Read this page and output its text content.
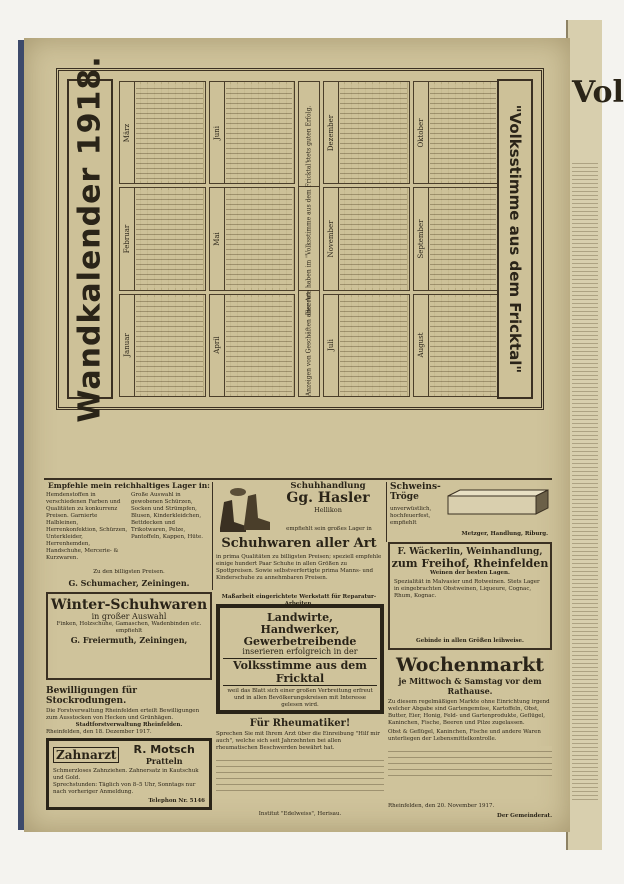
Vol
Wandkalender 1918. März
Februar
Januar
Juni
Mai
April
stets guten Erfolg.
Inserate haben im "Volksstimme aus dem Fricktal"
Anzeigen von Geschäften aller Art
Dezember
November
Juli
Oktober
September
August	"Volksstimme aus dem Fricktal"
Empfehle mein reichhaltiges Lager in:
Hemdenstoffen in verschiedenen Farben und Qualitäten zu konkurrenz Preisen. Garnierte Halbleinen, Herrenkonfektion, Schürzen, Unterkleider, Herrenhemden, Handschuhe, Mercerie- & Kurzwaren.
Große Auswahl in gewobenen Schürzen, Socken und Strümpfen, Blusen, Kinderkleidchen, Bettdecken und Trikotwaren, Pelze, Pantoffeln, Kappen, Hüte.
Zu den billigsten Preisen.
G. Schumacher, Zeiningen.
Schuhhandlung
Gg. Hasler
Hellikon
empfiehlt sein großes Lager in
Schuhwaren aller Art
in prima Qualitäten zu billigsten Preisen; speziell empfehle einige hundert Paar Schuhe in allen Größen zu Spottpreisen. Sowie selbstverfertigte prima Manns- und Kinderschuhe zu annehmbaren Preisen.
Maßarbeit eingerichtete Werkstatt für Reparatur-Arbeiten.
Schweins-Tröge
unverwüstlich, hochfeuerfest, empfiehlt
Metzger, Handlung, Riburg.
F. Wäckerlin, Weinhandlung,
zum Freihof, Rheinfelden
Weinen der besten Lagen.
Spezialität in Malvasier und Rotweinen. Stets Lager in eingebrachten Obstweinen, Liqueure, Cognac, Rhum, Kognac.
Gebinde in allen Größen leihweise.
Winter-Schuhwaren
in großer Auswahl
Finken, Holzschuhe, Gamaschen, Wadenbinden etc.
empfiehlt
G. Freiermuth, Zeiningen,
Bewilligungen für Stockrodungen.
Die Forstverwaltung Rheinfelden erteilt Bewilligungen zum Ausstocken von Hecken und Grünhägen.
Stadtforstverwaltung Rheinfelden.
Rheinfelden, den 18. Dezember 1917.
Landwirte,
Handwerker,
Gewerbetreibende
inserieren erfolgreich in der
Volksstimme aus dem Fricktal
weil das Blatt sich einer großen Verbreitung erfreut und in allen Bevölkerungskreisen mit Interesse gelesen wird.
Für Rheumatiker!
Sprechen Sie mit Ihrem Arzt über die Einreibung "Hilf mir auch", welche sich seit Jahrzehnten bei allen rheumatischen Beschwerden bewährt hat.
Institut "Edelweiss", Herisau.
Zahnarzt	R. Motsch
Pratteln
Schmerzloses Zahnziehen. Zahnersatz in Kautschuk und Gold.
Sprechstunden: Täglich von 8–5 Uhr, Sonntags nur nach vorheriger Anmeldung.
Telephon Nr. 5146
Wochenmarkt
je Mittwoch & Samstag vor dem Rathause.
Zu diesem regelmäßigen Markte ohne Einrichtung irgend welcher Abgabe sind Gartengemüse, Kartoffeln, Obst, Butter, Eier, Honig, Feld- und Gartenprodukte, Geflügel, Kaninchen, Fische, Beeren und Pilze zugelassen.
Obst & Geflügel, Kaninchen, Fische und andere Waren unterliegen der Lebensmittelkontrolle.
Rheinfelden, den 20. November 1917.
Der Gemeinderat.
